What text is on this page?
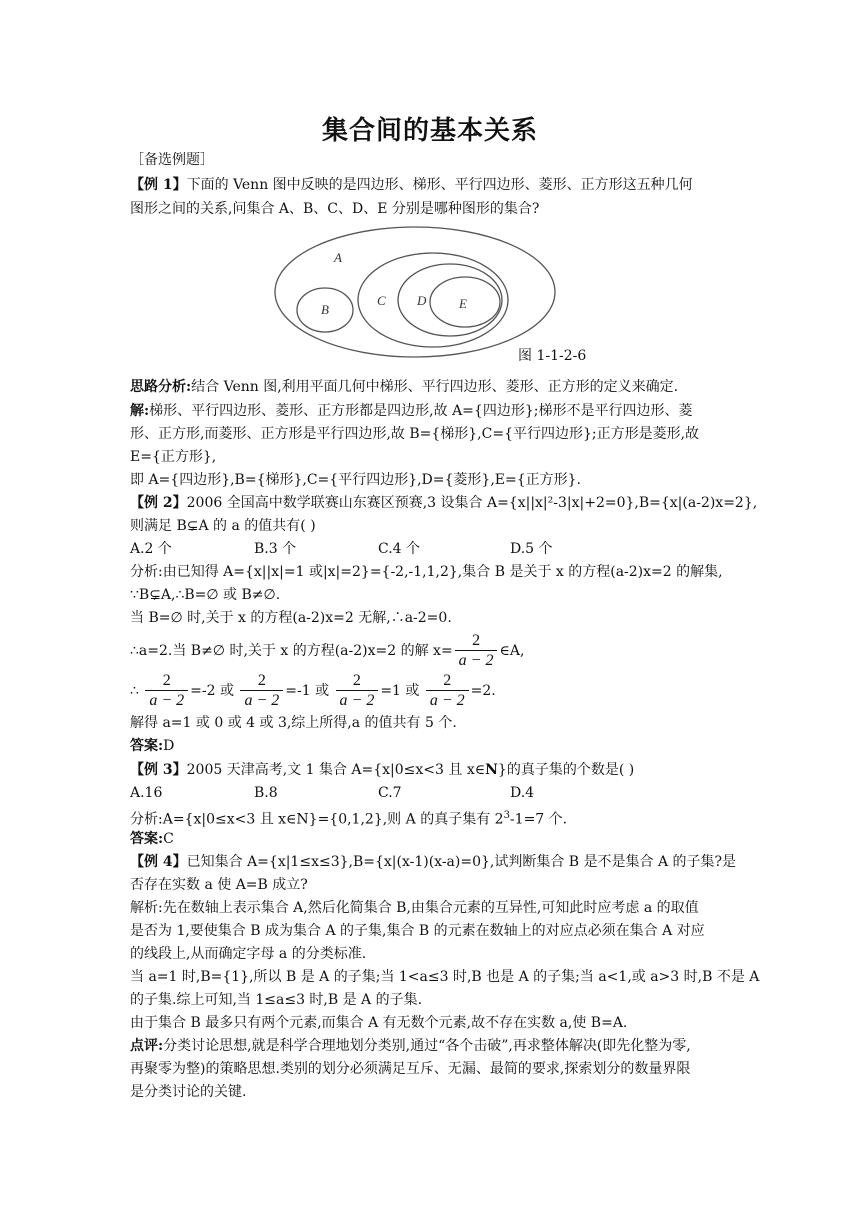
集合间的基本关系
［备选例题］
【例 1】下面的 Venn 图中反映的是四边形、梯形、平行四边形、菱形、正方形这五种几何
图形之间的关系,问集合 A、B、C、D、E 分别是哪种图形的集合?
A
B
C D	E
图 1-1-2-6
思路分析:结合 Venn 图,利用平面几何中梯形、平行四边形、菱形、正方形的定义来确定.
解:梯形、平行四边形、菱形、正方形都是四边形,故 A={四边形};梯形不是平行四边形、菱
形、正方形,而菱形、正方形是平行四边形,故 B={梯形},C={平行四边形};正方形是菱形,故
E={正方形},
即 A={四边形},B={梯形},C={平行四边形},D={菱形},E={正方形}.
【例 2】2006 全国高中数学联赛山东赛区预赛,3 设集合 A={x||x|²-3|x|+2=0},B={x|(a-2)x=2},
则满足 B⊊A 的 a 的值共有( )
A.2 个	B.3 个	C.4 个	D.5 个
分析:由已知得 A={x||x|=1 或|x|=2}={-2,-1,1,2},集合 B 是关于 x 的方程(a-2)x=2 的解集,
∵B⊊A,∴B=∅ 或 B≠∅.
当 B=∅ 时,关于 x 的方程(a-2)x=2 无解,∴a-2=0.
∴a=2.当 B≠∅ 时,关于 x 的方程(a-2)x=2 的解 $x= \frac{2}{a - 2}$ ∈A,
∴ $\frac{2}{a - 2} =-2$ 或 $\frac{2}{a - 2} =-1$ 或 $\frac{2}{a - 2} =1$ 或 $\frac{2}{a - 2} =2$.
解得 a=1 或 0 或 4 或 3,综上所得,a 的值共有 5 个.
答案:D
【例 3】2005 天津高考,文 1 集合 A={x|0≤x<3 且 x∈N}的真子集的个数是( )
A.16	B.8	C.7	D.4
分析:A={x|0≤x<3 且 x∈N}={0,1,2},则 A 的真子集有 $2^3-1=7$ 个.
答案:C
【例 4】已知集合 A={x|1≤x≤3},B={x|(x-1)(x-a)=0},试判断集合 B 是不是集合 A 的子集?是
否存在实数 a 使 A=B 成立?
解析:先在数轴上表示集合 A,然后化简集合 B,由集合元素的互异性,可知此时应考虑 a 的取值
是否为 1,要使集合 B 成为集合 A 的子集,集合 B 的元素在数轴上的对应点必须在集合 A 对应
的线段上,从而确定字母 a 的分类标准.
当 a=1 时,B={1},所以 B 是 A 的子集;当 1<a≤3 时,B 也是 A 的子集;当 a<1,或 a>3 时,B 不是 A
的子集.综上可知,当 1≤a≤3 时,B 是 A 的子集.
由于集合 B 最多只有两个元素,而集合 A 有无数个元素,故不存在实数 a,使 B=A.
点评:分类讨论思想,就是科学合理地划分类别,通过“各个击破”,再求整体解决(即先化整为零,
再聚零为整)的策略思想.类别的划分必须满足互斥、无漏、最简的要求,探索划分的数量界限
是分类讨论的关键.
